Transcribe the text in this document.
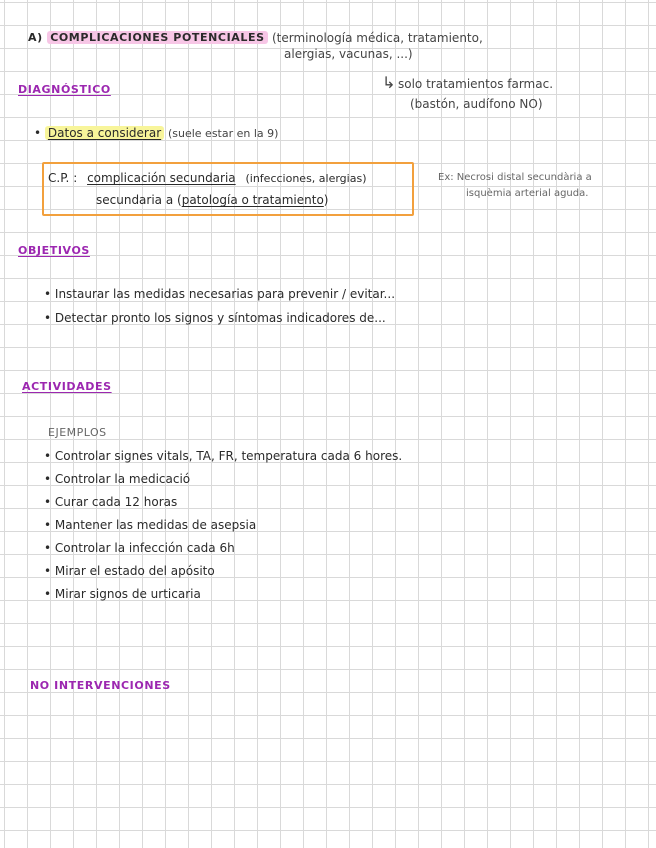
A) COMPLICACIONES POTENCIALES (terminología médica, tratamiento,
alergias, vacunas, ...)
DIAGNÓSTICO	↳ solo tratamientos farmac.
(bastón, audífono NO)
• Datos a considerar (suele estar en la 9)
C.P. : complicación secundaria (infecciones, alergias)
secundaria a (patología o tratamiento)
Ex: Necrosi distal secundària a
isquèmia arterial aguda.
OBJETIVOS
• Instaurar las medidas necesarias para prevenir / evitar...
• Detectar pronto los signos y síntomas indicadores de...
ACTIVIDADES
EJEMPLOS
• Controlar signes vitals, TA, FR, temperatura cada 6 hores.
• Controlar la medicació
• Curar cada 12 horas
• Mantener las medidas de asepsia
• Controlar la infección cada 6h
• Mirar el estado del apósito
• Mirar signos de urticaria
NO INTERVENCIONES
